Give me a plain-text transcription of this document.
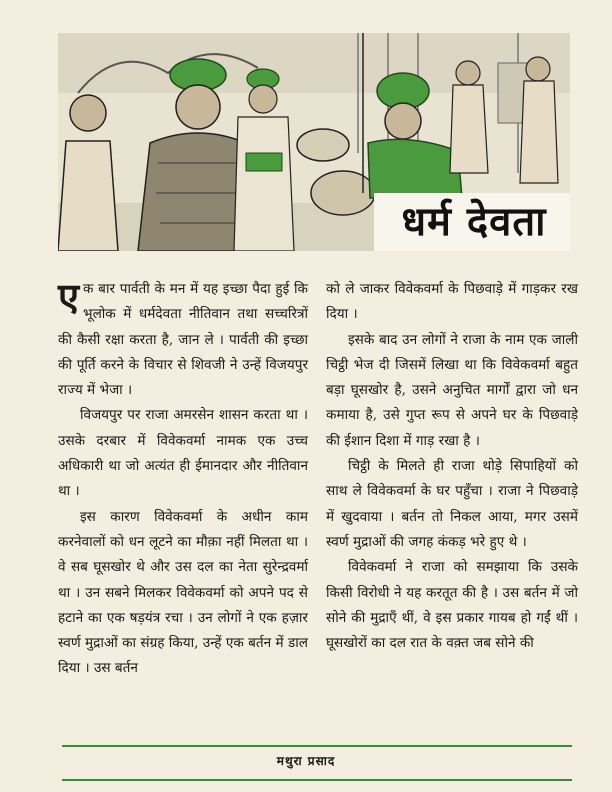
धर्म देवता

एक बार पार्वती के मन में यह इच्छा पैदा हुई कि भूलोक में धर्मदेवता नीतिवान तथा सच्चरित्रों की कैसी रक्षा करता है, जान ले । पार्वती की इच्छा की पूर्ति करने के विचार से शिवजी ने उन्हें विजयपुर राज्य में भेजा ।

विजयपुर पर राजा अमरसेन शासन करता था । उसके दरबार में विवेकवर्मा नामक एक उच्च अधिकारी था जो अत्यंत ही ईमानदार और नीतिवान था ।

इस कारण विवेकवर्मा के अधीन काम करनेवालों को धन लूटने का मौक़ा नहीं मिलता था । वे सब घूसखोर थे और उस दल का नेता सुरेन्द्रवर्मा था । उन सबने मिलकर विवेकवर्मा को अपने पद से हटाने का एक षड़यंत्र रचा । उन लोगों ने एक हज़ार स्वर्ण मुद्राओं का संग्रह किया, उन्हें एक बर्तन में डाल दिया । उस बर्तन

को ले जाकर विवेकवर्मा के पिछवाड़े में गाड़कर रख दिया ।

इसके बाद उन लोगों ने राजा के नाम एक जाली चिट्ठी भेज दी जिसमें लिखा था कि विवेकवर्मा बहुत बड़ा घूसखोर है, उसने अनुचित मार्गों द्वारा जो धन कमाया है, उसे गुप्त रूप से अपने घर के पिछवाड़े की ईशान दिशा में गाड़ रखा है ।

चिट्ठी के मिलते ही राजा थोड़े सिपाहियों को साथ ले विवेकवर्मा के घर पहुँचा । राजा ने पिछवाड़े में खुदवाया । बर्तन तो निकल आया, मगर उसमें स्वर्ण मुद्राओं की जगह कंकड़ भरे हुए थे ।

विवेकवर्मा ने राजा को समझाया कि उसके किसी विरोधी ने यह करतूत की है । उस बर्तन में जो सोने की मुद्राएँ थीं, वे इस प्रकार गायब हो गईं थीं । घूसखोरों का दल रात के वक़्त जब सोने की

मथुरा प्रसाद
